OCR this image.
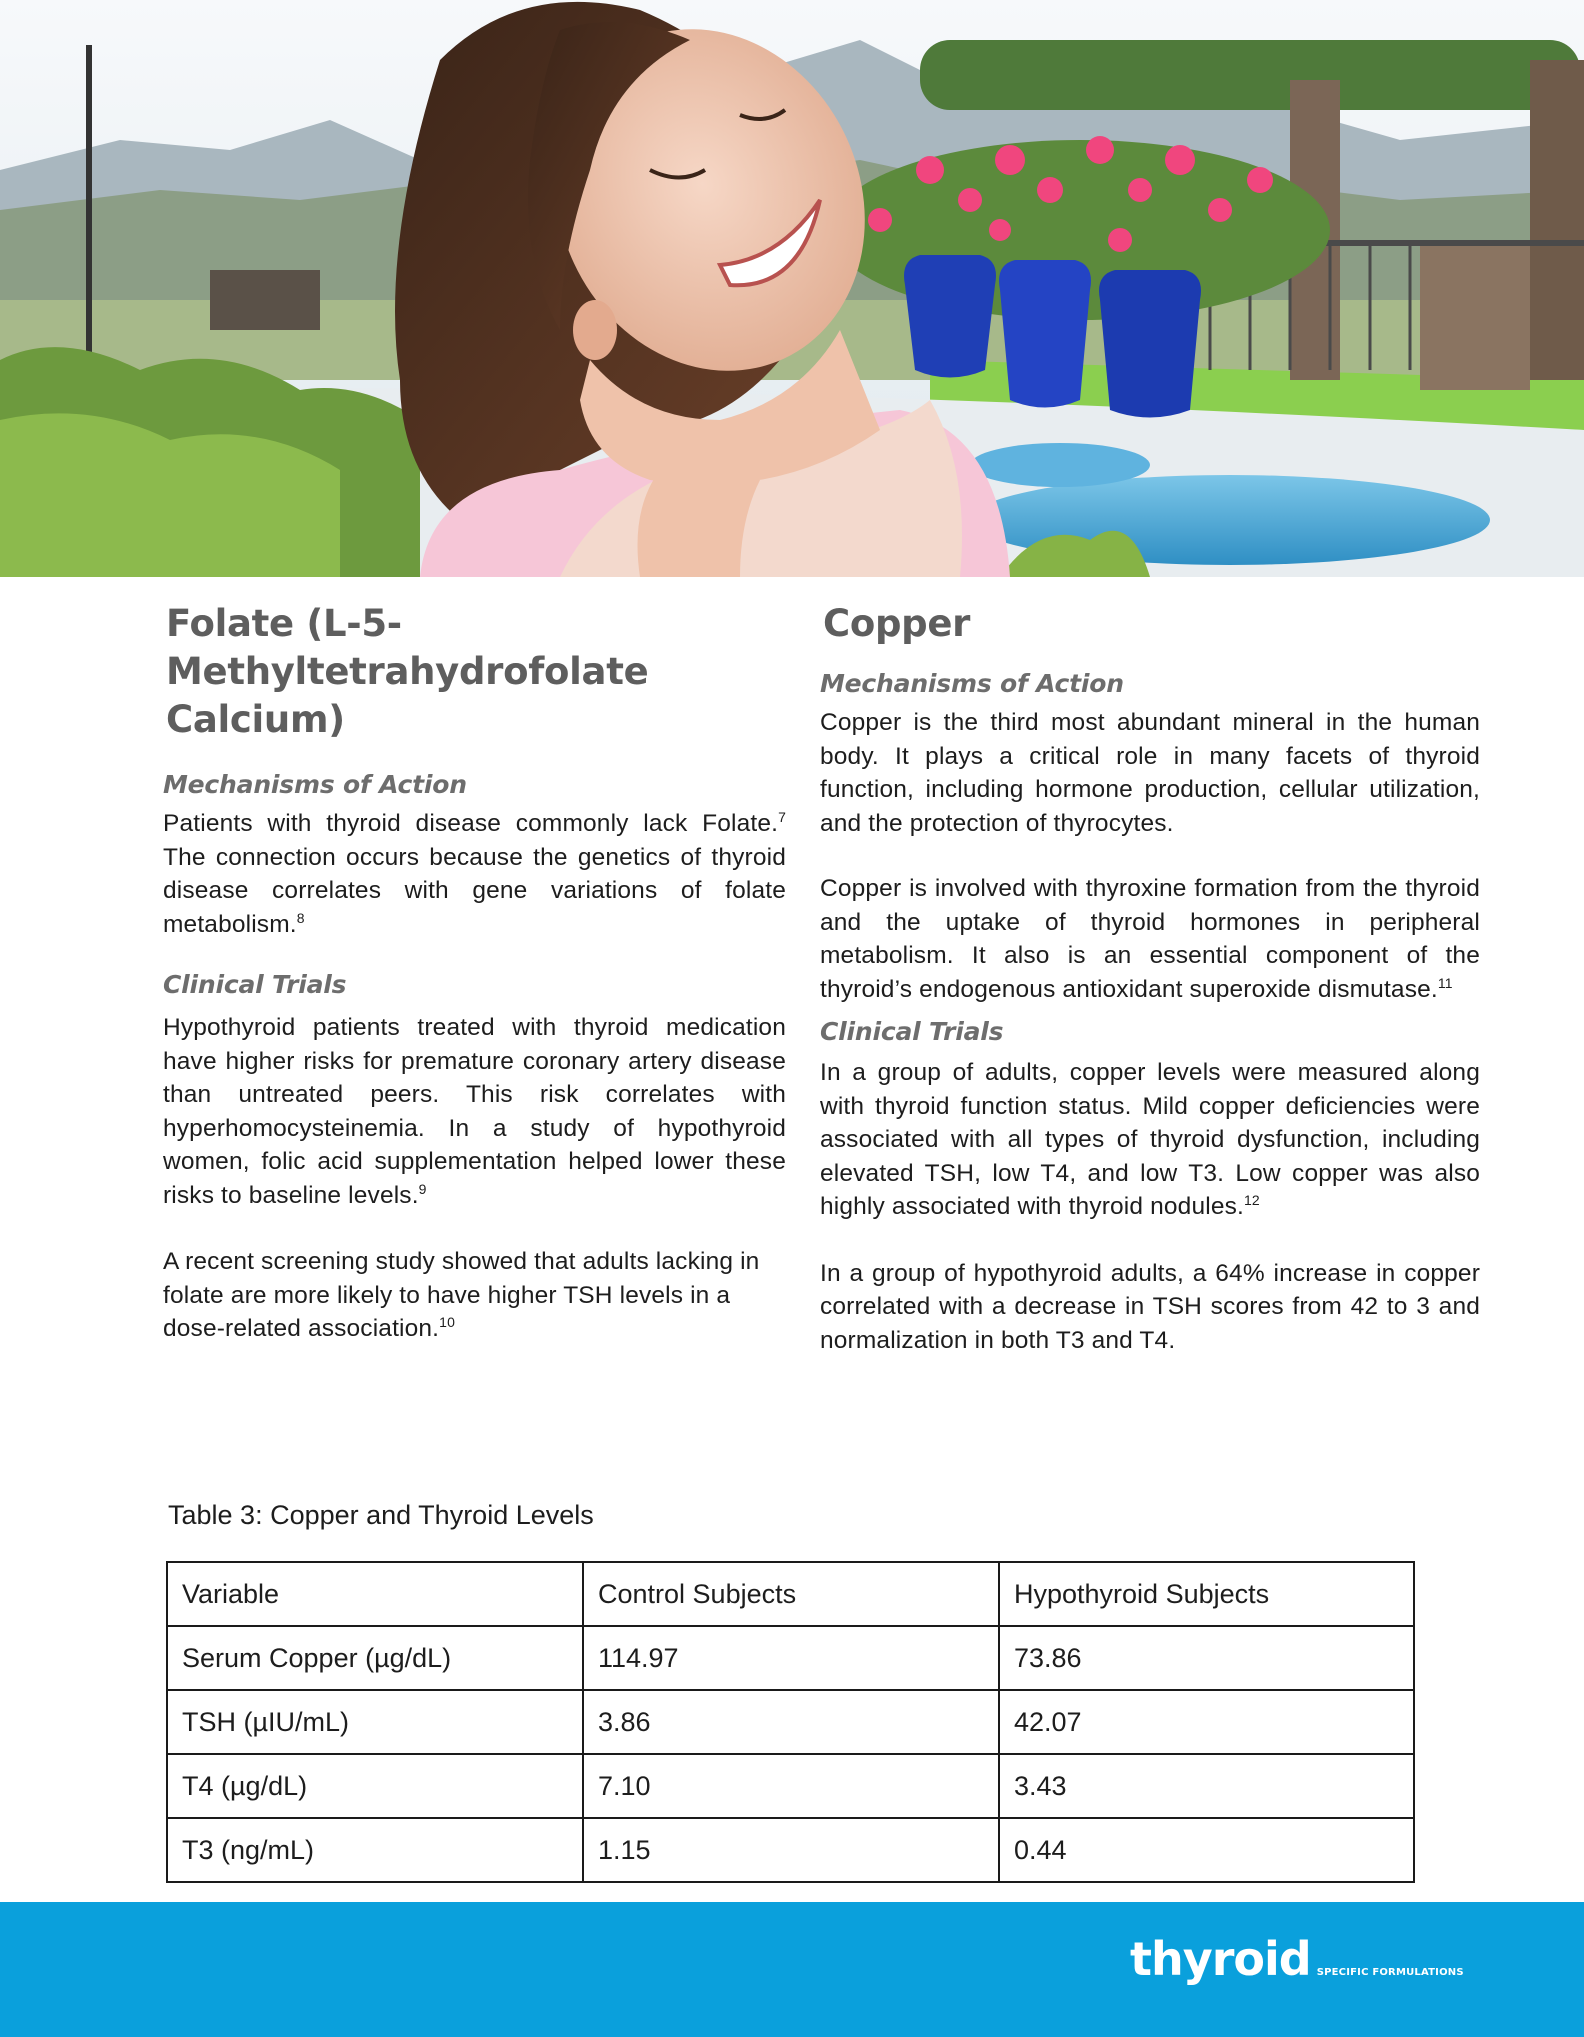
Folate (L-5-Methyltetrahydrofolate Calcium)
Mechanisms of Action

Patients with thyroid disease commonly lack Folate.$^7$ The connection occurs because the genetics of thyroid disease correlates with gene variations of folate metabolism.$^8$

Clinical Trials

Hypothyroid patients treated with thyroid medication have higher risks for premature coronary artery disease than untreated peers. This risk correlates with hyperhomocysteinemia. In a study of hypothyroid women, folic acid supplementation helped lower these risks to baseline levels.$^9$

A recent screening study showed that adults lacking in folate are more likely to have higher TSH levels in a dose-related association.$^{10}$

Copper
Mechanisms of Action

Copper is the third most abundant mineral in the human body. It plays a critical role in many facets of thyroid function, including hormone production, cellular utilization, and the protection of thyrocytes.

Copper is involved with thyroxine formation from the thyroid and the uptake of thyroid hormones in peripheral metabolism. It also is an essential component of the thyroid’s endogenous antioxidant superoxide dismutase.$^{11}$

Clinical Trials

In a group of adults, copper levels were measured along with thyroid function status. Mild copper deficiencies were associated with all types of thyroid dysfunction, including elevated TSH, low T4, and low T3. Low copper was also highly associated with thyroid nodules.$^{12}$

In a group of hypothyroid adults, a 64% increase in copper correlated with a decrease in TSH scores from 42 to 3 and normalization in both T3 and T4.

Table 3: Copper and Thyroid Levels
Variable	Control Subjects	Hypothyroid Subjects
Serum Copper (µg/dL)	114.97	73.86
TSH (µIU/mL)	3.86	42.07
T4 (µg/dL)	7.10	3.43
T3 (ng/mL)	1.15	0.44
thyroid SPECIFIC FORMULATIONS
